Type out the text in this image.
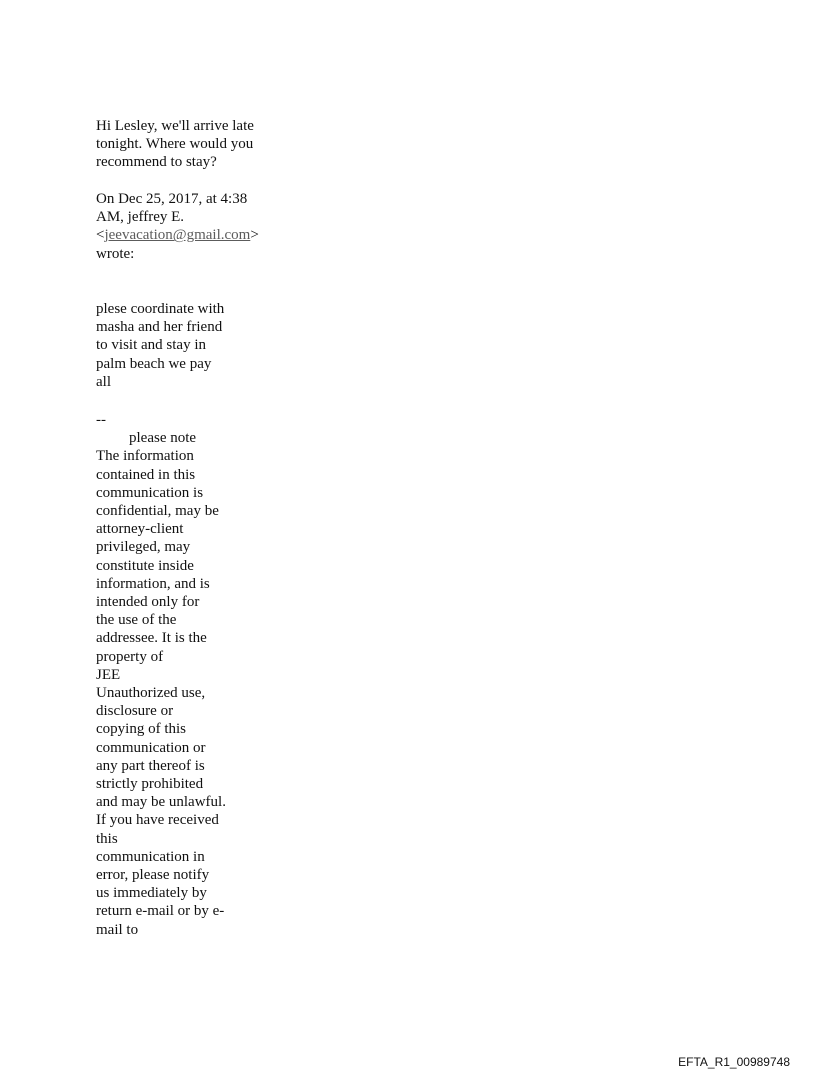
Hi Lesley, we'll arrive late
tonight. Where would you
recommend to stay?
On Dec 25, 2017, at 4:38
AM, jeffrey E.
<jeevacation@gmail.com>
wrote:
plese coordinate with
masha and her friend
to visit and stay in
palm beach we pay
all
--
please note
The information
contained in this
communication is
confidential, may be
attorney-client
privileged, may
constitute inside
information, and is
intended only for
the use of the
addressee. It is the
property of
JEE
Unauthorized use,
disclosure or
copying of this
communication or
any part thereof is
strictly prohibited
and may be unlawful.
If you have received
this
communication in
error, please notify
us immediately by
return e-mail or by e-
mail to
EFTA_R1_00989748
